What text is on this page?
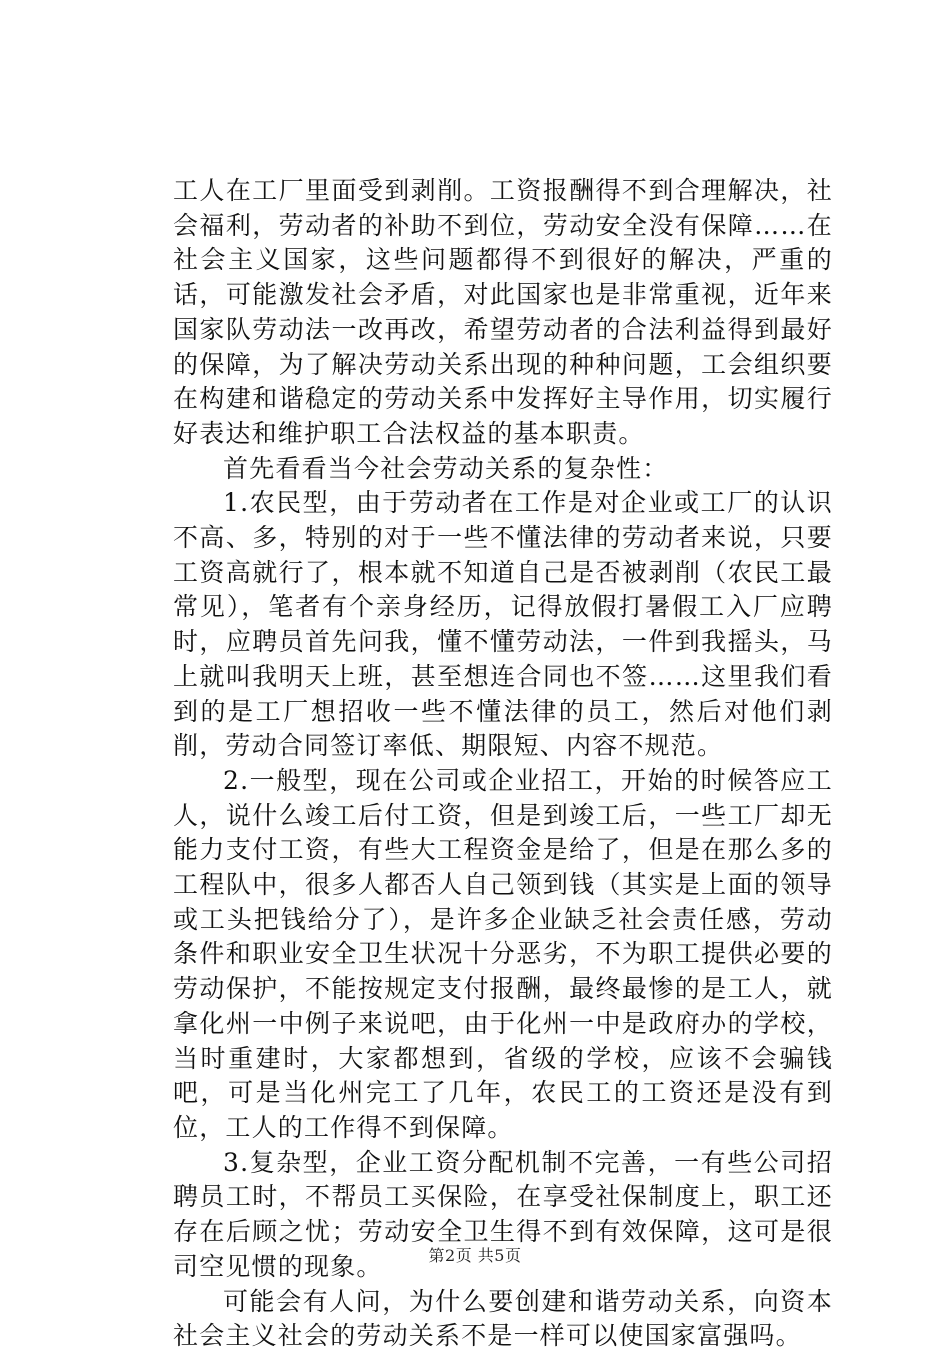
工人在工厂里面受到剥削。工资报酬得不到合理解决，社会福利，劳动者的补助不到位，劳动安全没有保障……在社会主义国家，这些问题都得不到很好的解决，严重的话，可能激发社会矛盾，对此国家也是非常重视，近年来国家队劳动法一改再改，希望劳动者的合法利益得到最好的保障，为了解决劳动关系出现的种种问题，工会组织要在构建和谐稳定的劳动关系中发挥好主导作用，切实履行好表达和维护职工合法权益的基本职责。

首先看看当今社会劳动关系的复杂性：

1.农民型，由于劳动者在工作是对企业或工厂的认识不高、多，特别的对于一些不懂法律的劳动者来说，只要工资高就行了，根本就不知道自己是否被剥削（农民工最常见），笔者有个亲身经历，记得放假打暑假工入厂应聘时，应聘员首先问我，懂不懂劳动法，一件到我摇头，马上就叫我明天上班，甚至想连合同也不签……这里我们看到的是工厂想招收一些不懂法律的员工，然后对他们剥削，劳动合同签订率低、期限短、内容不规范。

2.一般型，现在公司或企业招工，开始的时候答应工人，说什么竣工后付工资，但是到竣工后，一些工厂却无能力支付工资，有些大工程资金是给了，但是在那么多的工程队中，很多人都否人自己领到钱（其实是上面的领导或工头把钱给分了），是许多企业缺乏社会责任感，劳动条件和职业安全卫生状况十分恶劣，不为职工提供必要的劳动保护，不能按规定支付报酬，最终最惨的是工人，就拿化州一中例子来说吧，由于化州一中是政府办的学校，当时重建时，大家都想到，省级的学校，应该不会骗钱吧，可是当化州完工了几年，农民工的工资还是没有到位，工人的工作得不到保障。

3.复杂型，企业工资分配机制不完善，一有些公司招聘员工时，不帮员工买保险，在享受社保制度上，职工还存在后顾之忧；劳动安全卫生得不到有效保障，这可是很司空见惯的现象。

可能会有人问，为什么要创建和谐劳动关系，向资本社会主义社会的劳动关系不是一样可以使国家富强吗。

第2页 共5页
